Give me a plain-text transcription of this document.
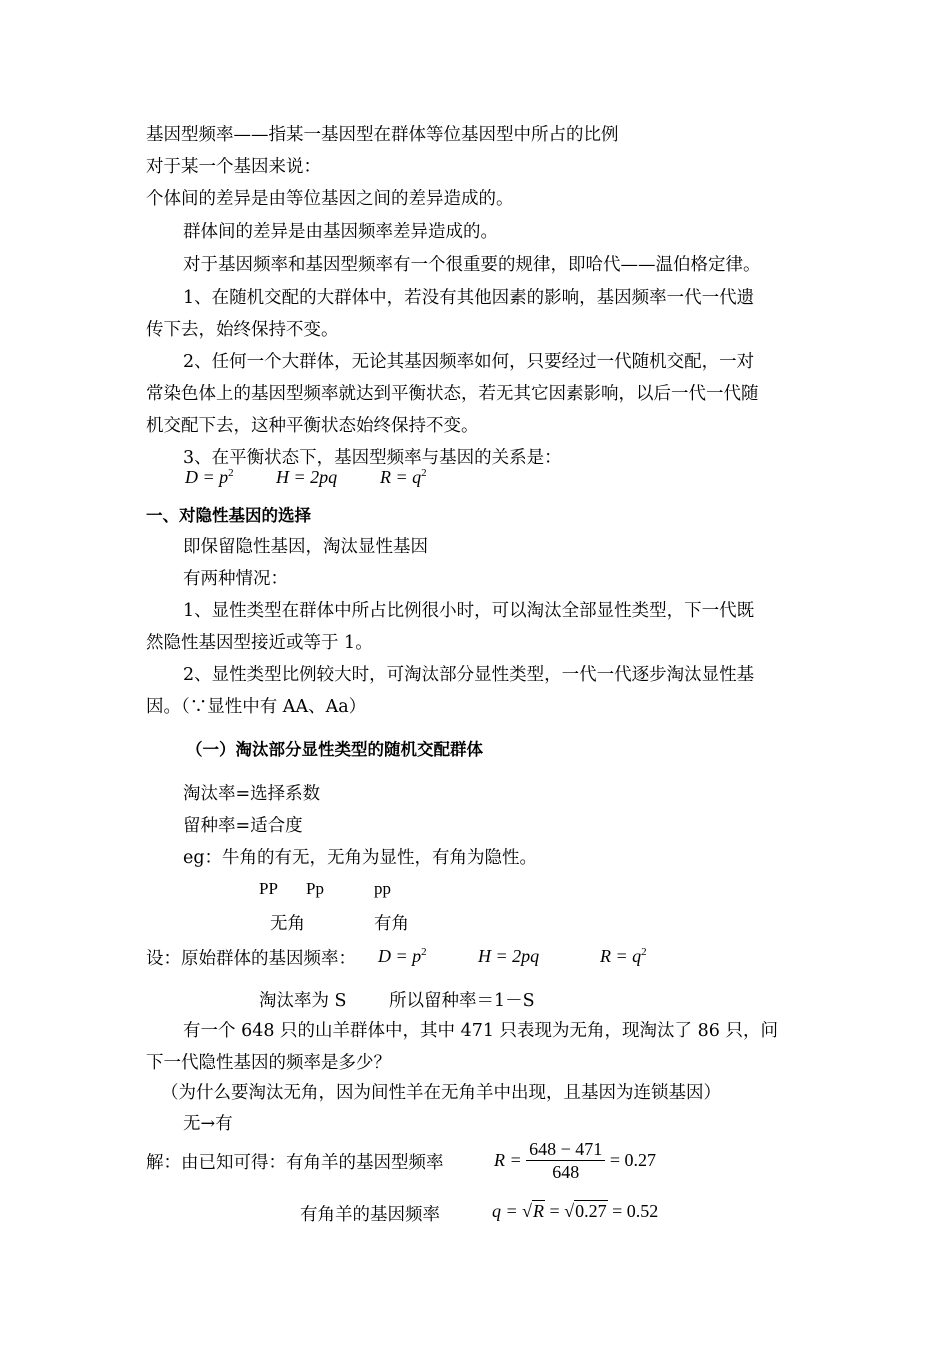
基因型频率——指某一基因型在群体等位基因型中所占的比例
对于某一个基因来说：
个体间的差异是由等位基因之间的差异造成的。
群体间的差异是由基因频率差异造成的。
对于基因频率和基因型频率有一个很重要的规律，即哈代——温伯格定律。
1、在随机交配的大群体中，若没有其他因素的影响，基因频率一代一代遗
传下去，始终保持不变。
2、任何一个大群体，无论其基因频率如何，只要经过一代随机交配，一对
常染色体上的基因型频率就达到平衡状态，若无其它因素影响，以后一代一代随
机交配下去，这种平衡状态始终保持不变。
3、在平衡状态下，基因型频率与基因的关系是：
$D = p^2$ H = 2pq $R = q^2$
一、对隐性基因的选择
即保留隐性基因，淘汰显性基因
有两种情况：
1、显性类型在群体中所占比例很小时，可以淘汰全部显性类型，下一代既
然隐性基因型接近或等于 1。
2、显性类型比例较大时，可淘汰部分显性类型，一代一代逐步淘汰显性基
因。（∵显性中有 AA、Aa）
（一）淘汰部分显性类型的随机交配群体
淘汰率=选择系数
留种率=适合度
eg：牛角的有无，无角为显性，有角为隐性。
PP Pp	pp
无角	有角
设：原始群体的基因频率： $D = p^2$	H = 2pq	$R = q^2$
淘汰率为 S 所以留种率＝1－S
有一个 648 只的山羊群体中，其中 471 只表现为无角，现淘汰了 86 只，问
下一代隐性基因的频率是多少？
（为什么要淘汰无角，因为间性羊在无角羊中出现，且基因为连锁基因）
无→有
解：由已知可得：有角羊的基因型频率	R =
$\frac{648 - 471}{648}$
= 0.27
有角羊的基因频率	q = √R = √0.27 = 0.52
